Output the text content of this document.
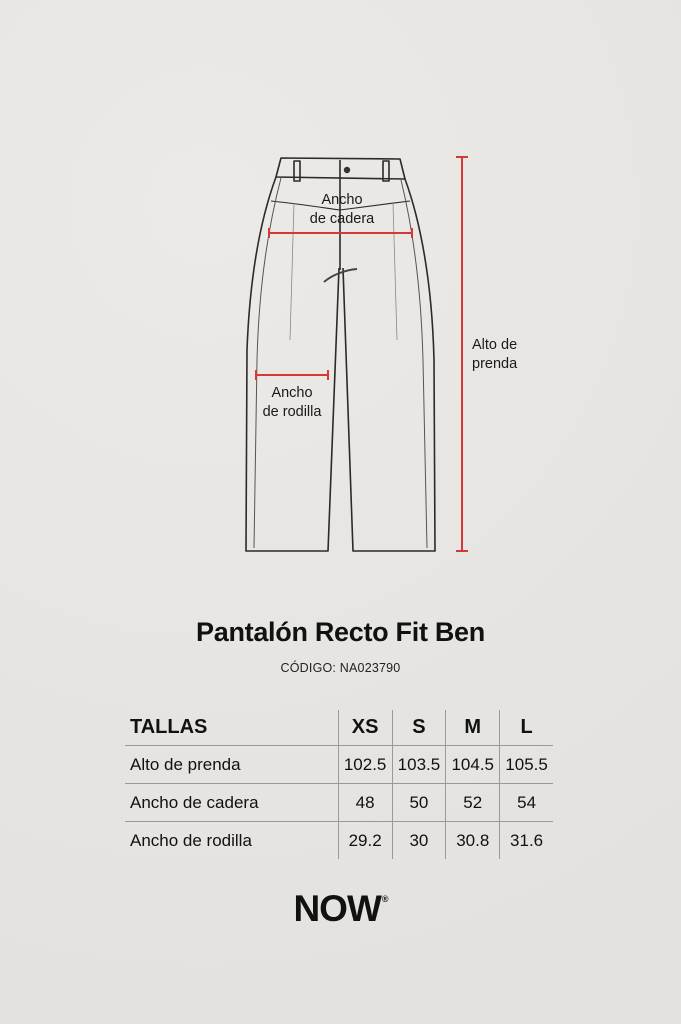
Ancho
de cadera
Ancho
de rodilla
Alto de
prenda
Pantalón Recto Fit Ben
CÓDIGO: NA023790
TALLAS	XS	S	M	L
Alto de prenda	102.5	103.5	104.5	105.5
Ancho de cadera	48	50	52	54
Ancho de rodilla	29.2	30	30.8	31.6
NOW®
